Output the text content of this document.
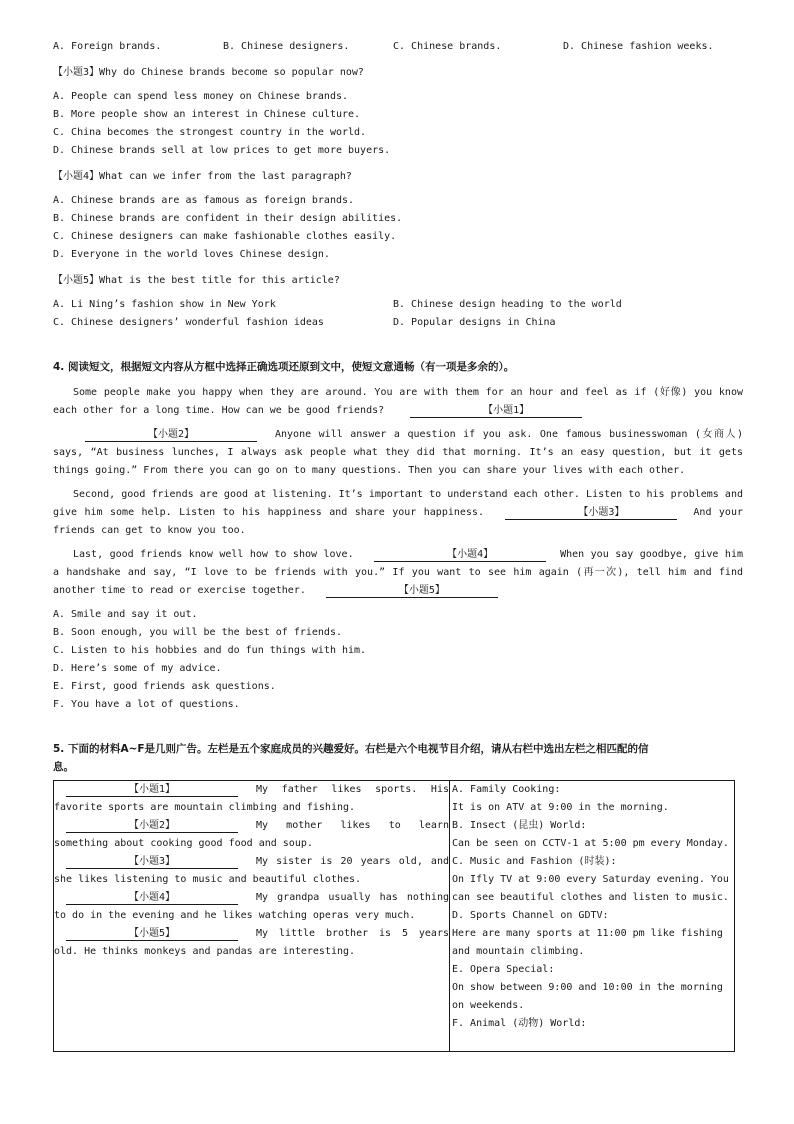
A. Foreign brands.	B. Chinese designers.	C. Chinese brands.	D. Chinese fashion weeks.
【小题3】Why do Chinese brands become so popular now?
A. People can spend less money on Chinese brands.
B. More people show an interest in Chinese culture.
C. China becomes the strongest country in the world.
D. Chinese brands sell at low prices to get more buyers.
【小题4】What can we infer from the last paragraph?
A. Chinese brands are as famous as foreign brands.
B. Chinese brands are confident in their design abilities.
C. Chinese designers can make fashionable clothes easily.
D. Everyone in the world loves Chinese design.
【小题5】What is the best title for this article?
A. Li Ning’s fashion show in New York	B. Chinese design heading to the world
C. Chinese designers’ wonderful fashion ideas	D. Popular designs in China
4. 阅读短文，根据短文内容从方框中选择正确选项还原到文中，使短文意通畅（有一项是多余的）。

Some people make you happy when they are around. You are with them for an hour and feel as if (好像) you know each other for a long time. How can we be good friends?	【小题1】

【小题2】	Anyone will answer a question if you ask. One famous businesswoman (女商人) says, “At business lunches, I always ask people what they did that morning. It’s an easy question, but it gets things going.” From there you can go on to many questions. Then you can share your lives with each other.

Second, good friends are good at listening. It’s important to understand each other. Listen to his problems and give him some help. Listen to his happiness and share your happiness.	【小题3】	And your friends can get to know you too.

Last, good friends know well how to show love.	【小题4】	When you say goodbye, give him a handshake and say, “I love to be friends with you.” If you want to see him again (再一次), tell him and find another time to read or exercise together.	【小题5】

A. Smile and say it out.
B. Soon enough, you will be the best of friends.
C. Listen to his hobbies and do fun things with him.
D. Here’s some of my advice.
E. First, good friends ask questions.
F. You have a lot of questions.
5. 下面的材料A~F是几则广告。左栏是五个家庭成员的兴趣爱好。右栏是六个电视节目介绍，请从右栏中选出左栏之相匹配的信
息。
【小题1】	My father likes sports. His favorite sports are mountain climbing and fishing.
【小题2】	My mother likes to learn something about cooking good food and soup.
【小题3】	My sister is 20 years old, and she likes listening to music and beautiful clothes.
【小题4】	My grandpa usually has nothing to do in the evening and he likes watching operas very much.
【小题5】	My little brother is 5 years old. He thinks monkeys and pandas are interesting.

A. Family Cooking:
It is on ATV at 9:00 in the morning.
B. Insect (昆虫) World:
Can be seen on CCTV-1 at 5:00 pm every Monday.
C. Music and Fashion (时装):
On Ifly TV at 9:00 every Saturday evening. You
can see beautiful clothes and listen to music.
D. Sports Channel on GDTV:
Here are many sports at 11:00 pm like fishing
and mountain climbing.
E. Opera Special:
On show between 9:00 and 10:00 in the morning
on weekends.
F. Animal (动物) World:
